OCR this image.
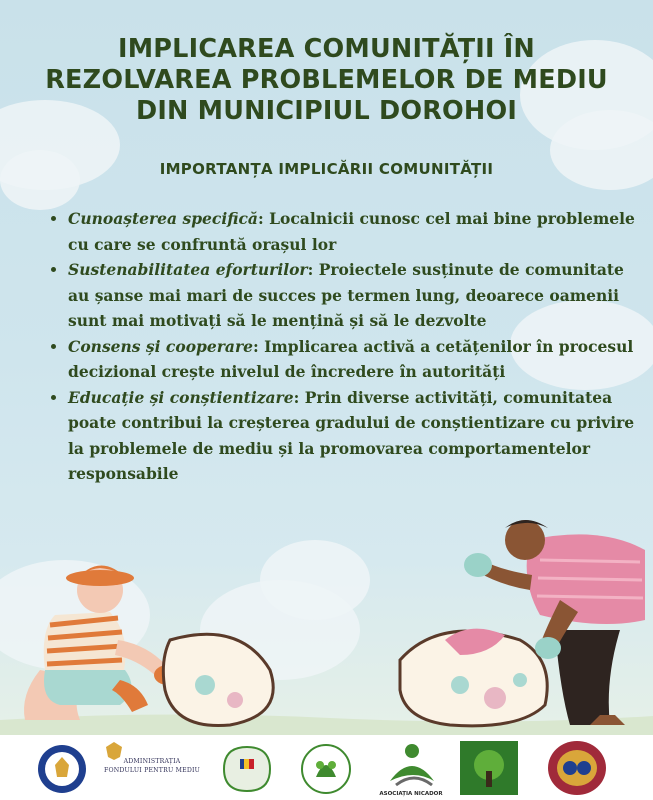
IMPLICAREA COMUNITĂȚII ÎN
REZOLVAREA PROBLEMELOR DE MEDIU
DIN MUNICIPIUL DOROHOI
IMPORTANȚA IMPLICĂRII COMUNITĂȚII
• Cunoașterea specifică: Localnicii cunosc cel mai bine problemele cu care se confruntă orașul lor
• Sustenabilitatea eforturilor: Proiectele susținute de comunitate au șanse mai mari de succes pe termen lung, deoarece oamenii sunt mai motivați să le mențină și să le dezvolte
• Consens și cooperare: Implicarea activă a cetățenilor în procesul decizional crește nivelul de încredere în autorități
• Educație și conștientizare: Prin diverse activități, comunitatea poate contribui la creșterea gradului de conștientizare cu privire la problemele de mediu și la promovarea comportamentelor responsabile
ADMINISTRAȚIA
FONDULUI PENTRU MEDIU
ASOCIAȚIA NICADOR
